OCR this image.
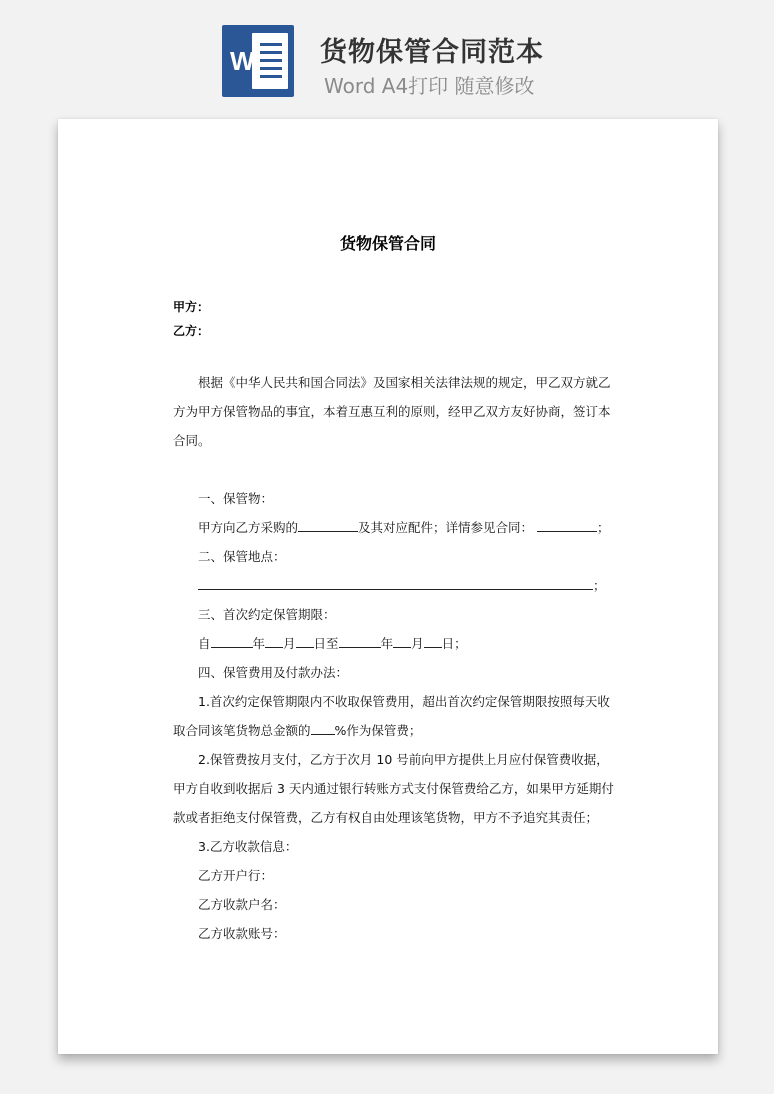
W 货物保管合同范本
Word A4打印 随意修改
货物保管合同
甲方：
乙方：
根据《中华人民共和国合同法》及国家相关法律法规的规定，甲乙双方就乙
方为甲方保管物品的事宜，本着互惠互利的原则，经甲乙双方友好协商，签订本
合同。
一、保管物：
甲方向乙方采购的	及其对应配件；详情参见合同：	；
二、保管地点：
；
三、首次约定保管期限：
自	年 月 日至	年 月 日；
四、保管费用及付款办法：
1.首次约定保管期限内不收取保管费用，超出首次约定保管期限按照每天收
取合同该笔货物总金额的 %作为保管费；
2.保管费按月支付，乙方于次月 10 号前向甲方提供上月应付保管费收据，
甲方自收到收据后 3 天内通过银行转账方式支付保管费给乙方，如果甲方延期付
款或者拒绝支付保管费，乙方有权自由处理该笔货物，甲方不予追究其责任；
3.乙方收款信息：
乙方开户行：
乙方收款户名：
乙方收款账号：
